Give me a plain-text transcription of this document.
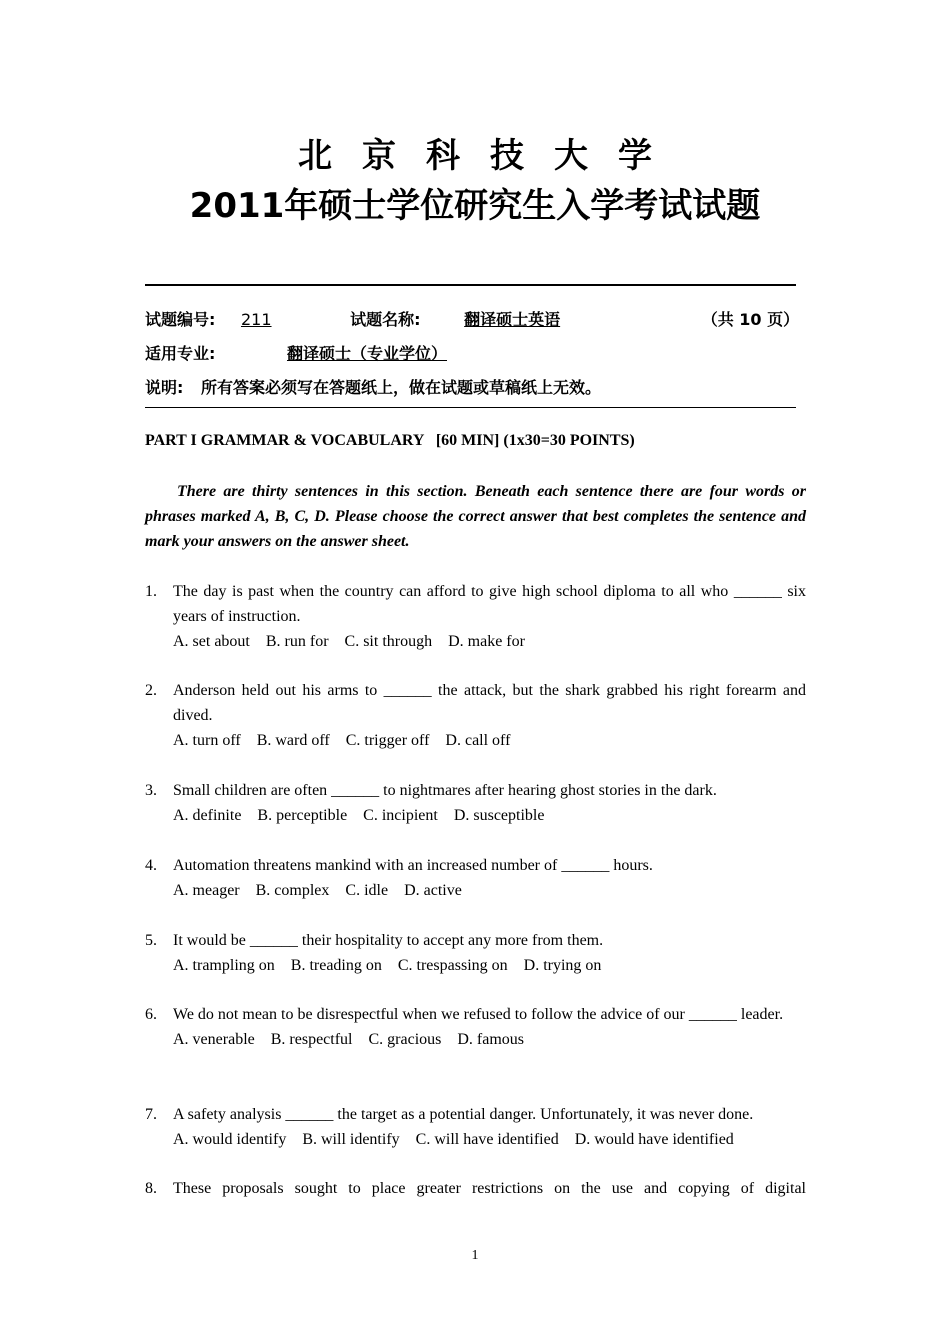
北京科技大学
2011年硕士学位研究生入学考试试题
试题编号: 211	试题名称:	翻译硕士英语	（共 10 页）
适用专业:	翻译硕士（专业学位）
说明: 所有答案必须写在答题纸上，做在试题或草稿纸上无效。
PART I GRAMMAR & VOCABULARY   [60 MIN] (1x30=30 POINTS)
There are thirty sentences in this section. Beneath each sentence there are four words or phrases marked A, B, C, D. Please choose the correct answer that best completes the sentence and mark your answers on the answer sheet.
1. The day is past when the country can afford to give high school diploma to all who ______ six years of instruction.
A. set about    B. run for    C. sit through    D. make for
2. Anderson held out his arms to ______ the attack, but the shark grabbed his right forearm and dived.
A. turn off    B. ward off    C. trigger off    D. call off
3. Small children are often ______ to nightmares after hearing ghost stories in the dark.
A. definite    B. perceptible    C. incipient    D. susceptible
4. Automation threatens mankind with an increased number of ______ hours.
A. meager    B. complex    C. idle    D. active
5. It would be ______ their hospitality to accept any more from them.
A. trampling on    B. treading on    C. trespassing on    D. trying on
6. We do not mean to be disrespectful when we refused to follow the advice of our ______ leader.
A. venerable    B. respectful    C. gracious    D. famous
7. A safety analysis ______ the target as a potential danger. Unfortunately, it was never done.
A. would identify    B. will identify    C. will have identified    D. would have identified
8. These proposals sought to place greater restrictions on the use and copying of digital
1
